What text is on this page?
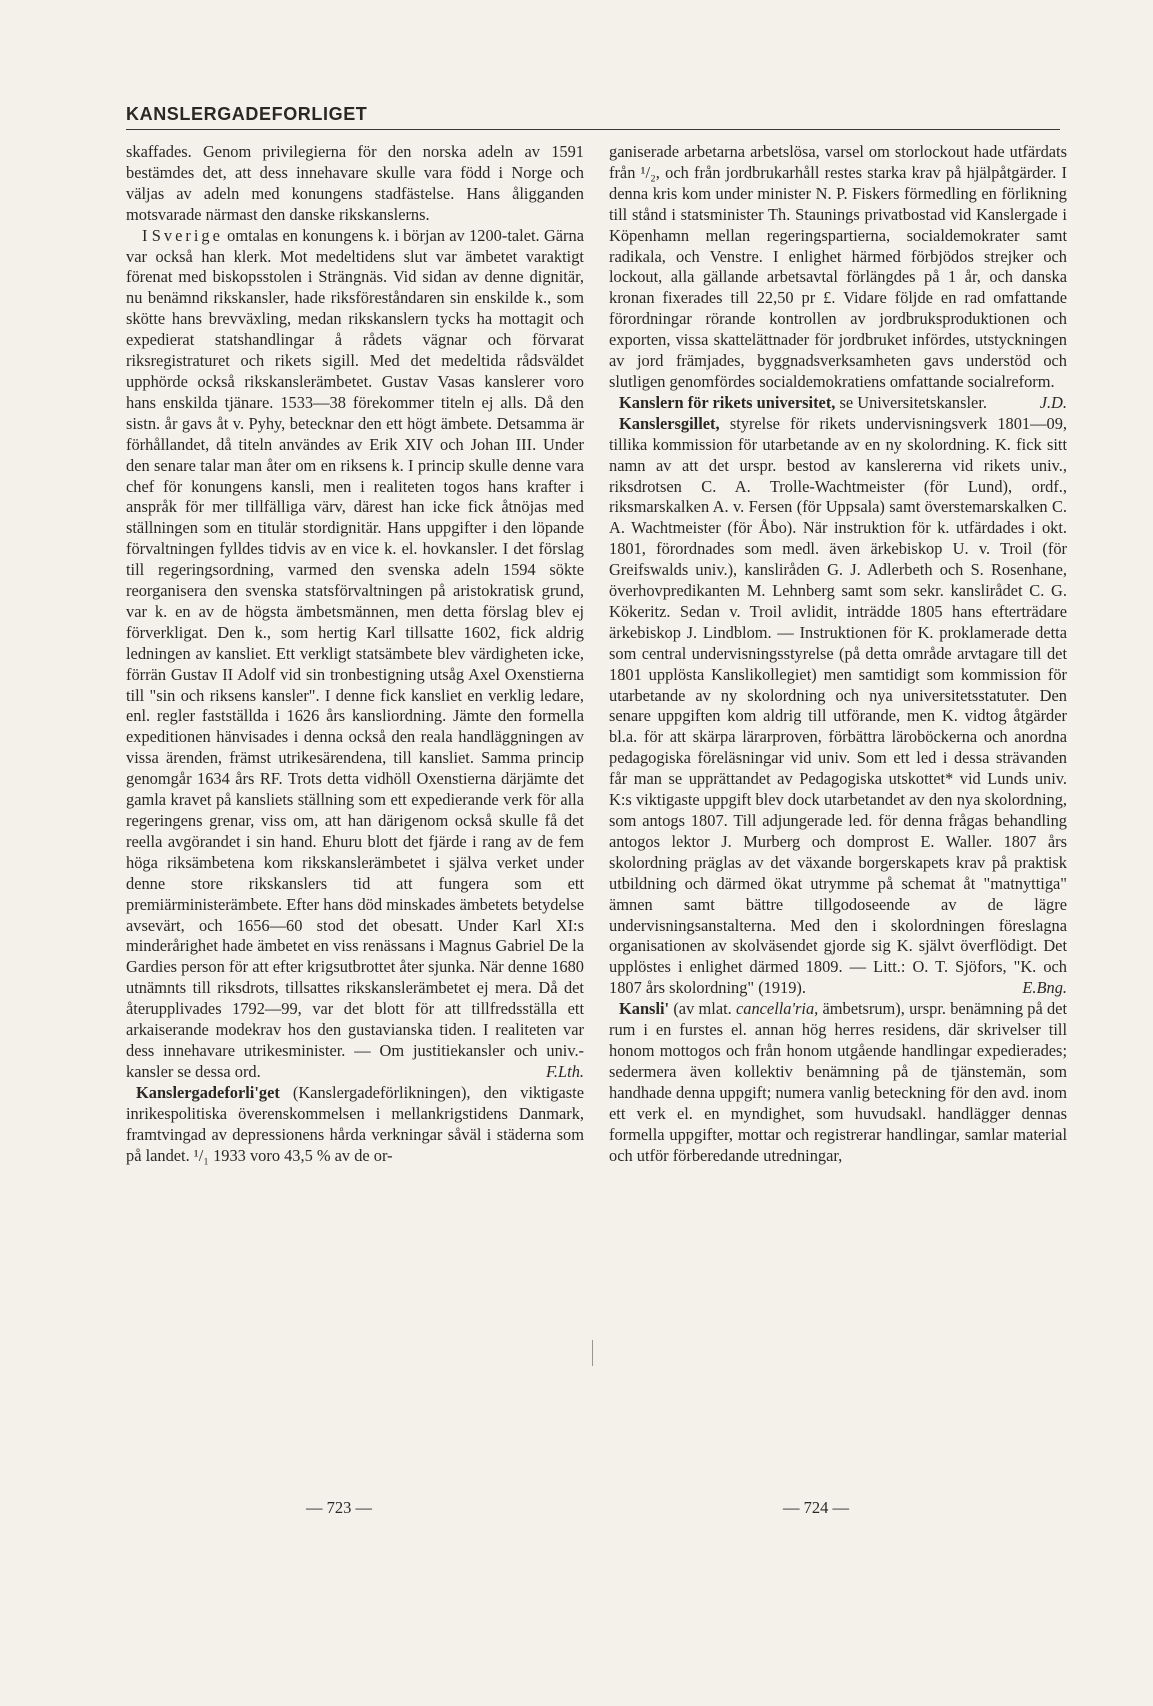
KANSLERGADEFORLIGET

skaffades. Genom privilegierna för den norska adeln av 1591 bestämdes det, att dess innehavare skulle vara född i Norge och väljas av adeln med konungens stadfästelse. Hans åligganden motsvarade närmast den danske rikskanslerns.

I Sverige omtalas en konungens k. i början av 1200-talet. Gärna var också han klerk. Mot medeltidens slut var ämbetet varaktigt förenat med biskopsstolen i Strängnäs. Vid sidan av denne dignitär, nu benämnd rikskansler, hade riksföreståndaren sin enskilde k., som skötte hans brevväxling, medan rikskanslern tycks ha mottagit och expedierat statshandlingar å rådets vägnar och förvarat riksregistraturet och rikets sigill. Med det medeltida rådsväldet upphörde också rikskanslerämbetet. Gustav Vasas kanslerer voro hans enskilda tjänare. 1533—38 förekommer titeln ej alls. Då den sistn. år gavs åt v. Pyhy, betecknar den ett högt ämbete. Detsamma är förhållandet, då titeln användes av Erik XIV och Johan III. Under den senare talar man åter om en riksens k. I princip skulle denne vara chef för konungens kansli, men i realiteten togos hans krafter i anspråk för mer tillfälliga värv, därest han icke fick åtnöjas med ställningen som en titulär stordignitär. Hans uppgifter i den löpande förvaltningen fylldes tidvis av en vice k. el. hovkansler. I det förslag till regeringsordning, varmed den svenska adeln 1594 sökte reorganisera den svenska statsförvaltningen på aristokratisk grund, var k. en av de högsta ämbetsmännen, men detta förslag blev ej förverkligat. Den k., som hertig Karl tillsatte 1602, fick aldrig ledningen av kansliet. Ett verkligt statsämbete blev värdigheten icke, förrän Gustav II Adolf vid sin tronbestigning utsåg Axel Oxenstierna till "sin och riksens kansler". I denne fick kansliet en verklig ledare, enl. regler fastställda i 1626 års kansliordning. Jämte den formella expeditionen hänvisades i denna också den reala handläggningen av vissa ärenden, främst utrikesärendena, till kansliet. Samma princip genomgår 1634 års RF. Trots detta vidhöll Oxenstierna därjämte det gamla kravet på kansliets ställning som ett expedierande verk för alla regeringens grenar, viss om, att han därigenom också skulle få det reella avgörandet i sin hand. Ehuru blott det fjärde i rang av de fem höga riksämbetena kom rikskanslerämbetet i själva verket under denne store rikskanslers tid att fungera som ett premiärministerämbete. Efter hans död minskades ämbetets betydelse avsevärt, och 1656—60 stod det obesatt. Under Karl XI:s minderårighet hade ämbetet en viss renässans i Magnus Gabriel De la Gardies person för att efter krigsutbrottet åter sjunka. När denne 1680 utnämnts till riksdrots, tillsattes rikskanslerämbetet ej mera. Då det återupplivades 1792—99, var det blott för att tillfredsställa ett arkaiserande modekrav hos den gustavianska tiden. I realiteten var dess innehavare utrikesminister. — Om justitiekansler och univ.-kansler se dessa ord.	F.Lth.

Kanslergadeforli'get (Kanslergadeförlikningen), den viktigaste inrikespolitiska överenskommelsen i mellankrigstidens Danmark, framtvingad av depressionens hårda verkningar såväl i städerna som på landet. ¹/₁ 1933 voro 43,5 % av de or-

ganiserade arbetarna arbetslösa, varsel om storlockout hade utfärdats från ¹/₂, och från jordbrukarhåll restes starka krav på hjälpåtgärder. I denna kris kom under minister N. P. Fiskers förmedling en förlikning till stånd i statsminister Th. Staunings privatbostad vid Kanslergade i Köpenhamn mellan regeringspartierna, socialdemokrater samt radikala, och Venstre. I enlighet härmed förbjödos strejker och lockout, alla gällande arbetsavtal förlängdes på 1 år, och danska kronan fixerades till 22,50 pr £. Vidare följde en rad omfattande förordningar rörande kontrollen av jordbruksproduktionen och exporten, vissa skattelättnader för jordbruket infördes, utstyckningen av jord främjades, byggnadsverksamheten gavs understöd och slutligen genomfördes socialdemokratiens omfattande socialreform.
J.D.

Kanslern för rikets universitet, se Universitetskansler.

Kanslersgillet, styrelse för rikets undervisningsverk 1801—09, tillika kommission för utarbetande av en ny skolordning. K. fick sitt namn av att det urspr. bestod av kanslererna vid rikets univ., riksdrotsen C. A. Trolle-Wachtmeister (för Lund), ordf., riksmarskalken A. v. Fersen (för Uppsala) samt överstemarskalken C. A. Wachtmeister (för Åbo). När instruktion för k. utfärdades i okt. 1801, förordnades som medl. även ärkebiskop U. v. Troil (för Greifswalds univ.), kansliråden G. J. Adlerbeth och S. Rosenhane, överhovpredikanten M. Lehnberg samt som sekr. kanslirådet C. G. Kökeritz. Sedan v. Troil avlidit, inträdde 1805 hans efterträdare ärkebiskop J. Lindblom. — Instruktionen för K. proklamerade detta som central undervisningsstyrelse (på detta område arvtagare till det 1801 upplösta Kanslikollegiet) men samtidigt som kommission för utarbetande av ny skolordning och nya universitetsstatuter. Den senare uppgiften kom aldrig till utförande, men K. vidtog åtgärder bl.a. för att skärpa lärarproven, förbättra läroböckerna och anordna pedagogiska föreläsningar vid univ. Som ett led i dessa strävanden får man se upprättandet av Pedagogiska utskottet* vid Lunds univ. K:s viktigaste uppgift blev dock utarbetandet av den nya skolordning, som antogs 1807. Till adjungerade led. för denna frågas behandling antogos lektor J. Murberg och domprost E. Waller. 1807 års skolordning präglas av det växande borgerskapets krav på praktisk utbildning och därmed ökat utrymme på schemat åt "matnyttiga" ämnen samt bättre tillgodoseende av de lägre undervisningsanstalterna. Med den i skolordningen föreslagna organisationen av skolväsendet gjorde sig K. självt överflödigt. Det upplöstes i enlighet därmed 1809. — Litt.: O. T. Sjöfors, "K. och 1807 års skolordning" (1919).	E.Bng.

Kansli' (av mlat. cancella'ria, ämbetsrum), urspr. benämning på det rum i en furstes el. annan hög herres residens, där skrivelser till honom mottogos och från honom utgående handlingar expedierades; sedermera även kollektiv benämning på de tjänstemän, som handhade denna uppgift; numera vanlig beteckning för den avd. inom ett verk el. en myndighet, som huvudsakl. handlägger dennas formella uppgifter, mottar och registrerar handlingar, samlar material och utför förberedande utredningar,

— 723 —	— 724 —
